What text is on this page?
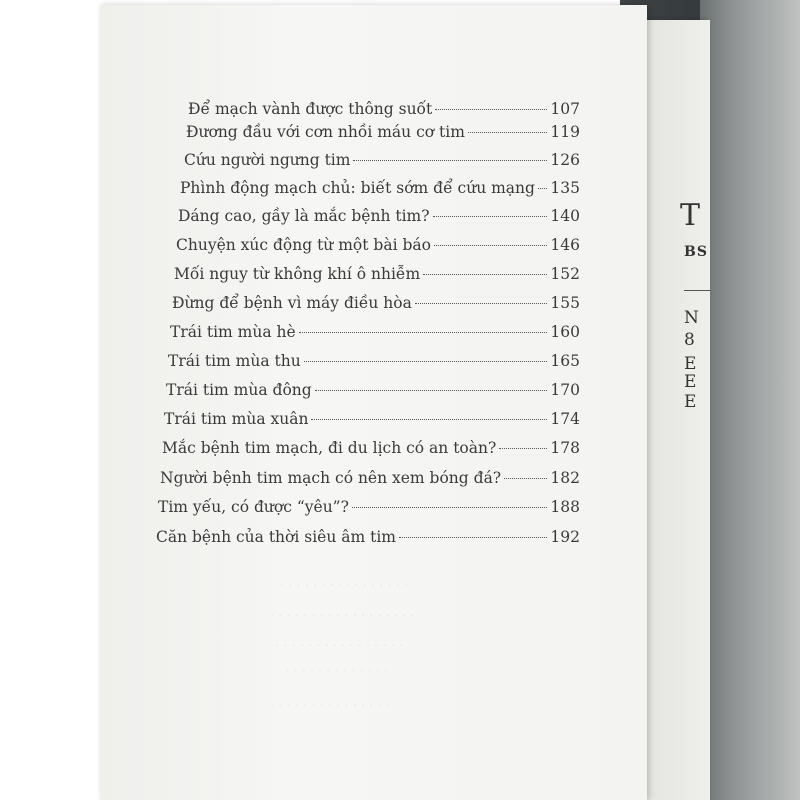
T
BS
N
8
E
E
E
. . . . . . . . . . . . . . . .
. . . . . . . . . . . . . . . . . .
. . . . . . . . . . . . . . . .
. . . . . . . . . . . . .
. . . . . . . . . . . . . . .
Để mạch vành được thông suốt	107
Đương đầu với cơn nhồi máu cơ tim	119
Cứu người ngưng tim	126
Phình động mạch chủ: biết sớm để cứu mạng 135
Dáng cao, gầy là mắc bệnh tim?	140
Chuyện xúc động từ một bài báo	146
Mối nguy từ không khí ô nhiễm	152
Đừng để bệnh vì máy điều hòa	155
Trái tim mùa hè	160
Trái tim mùa thu	165
Trái tim mùa đông	170
Trái tim mùa xuân	174
Mắc bệnh tim mạch, đi du lịch có an toàn?	178
Người bệnh tim mạch có nên xem bóng đá?	182
Tim yếu, có được “yêu”?	188
Căn bệnh của thời siêu âm tim	192
